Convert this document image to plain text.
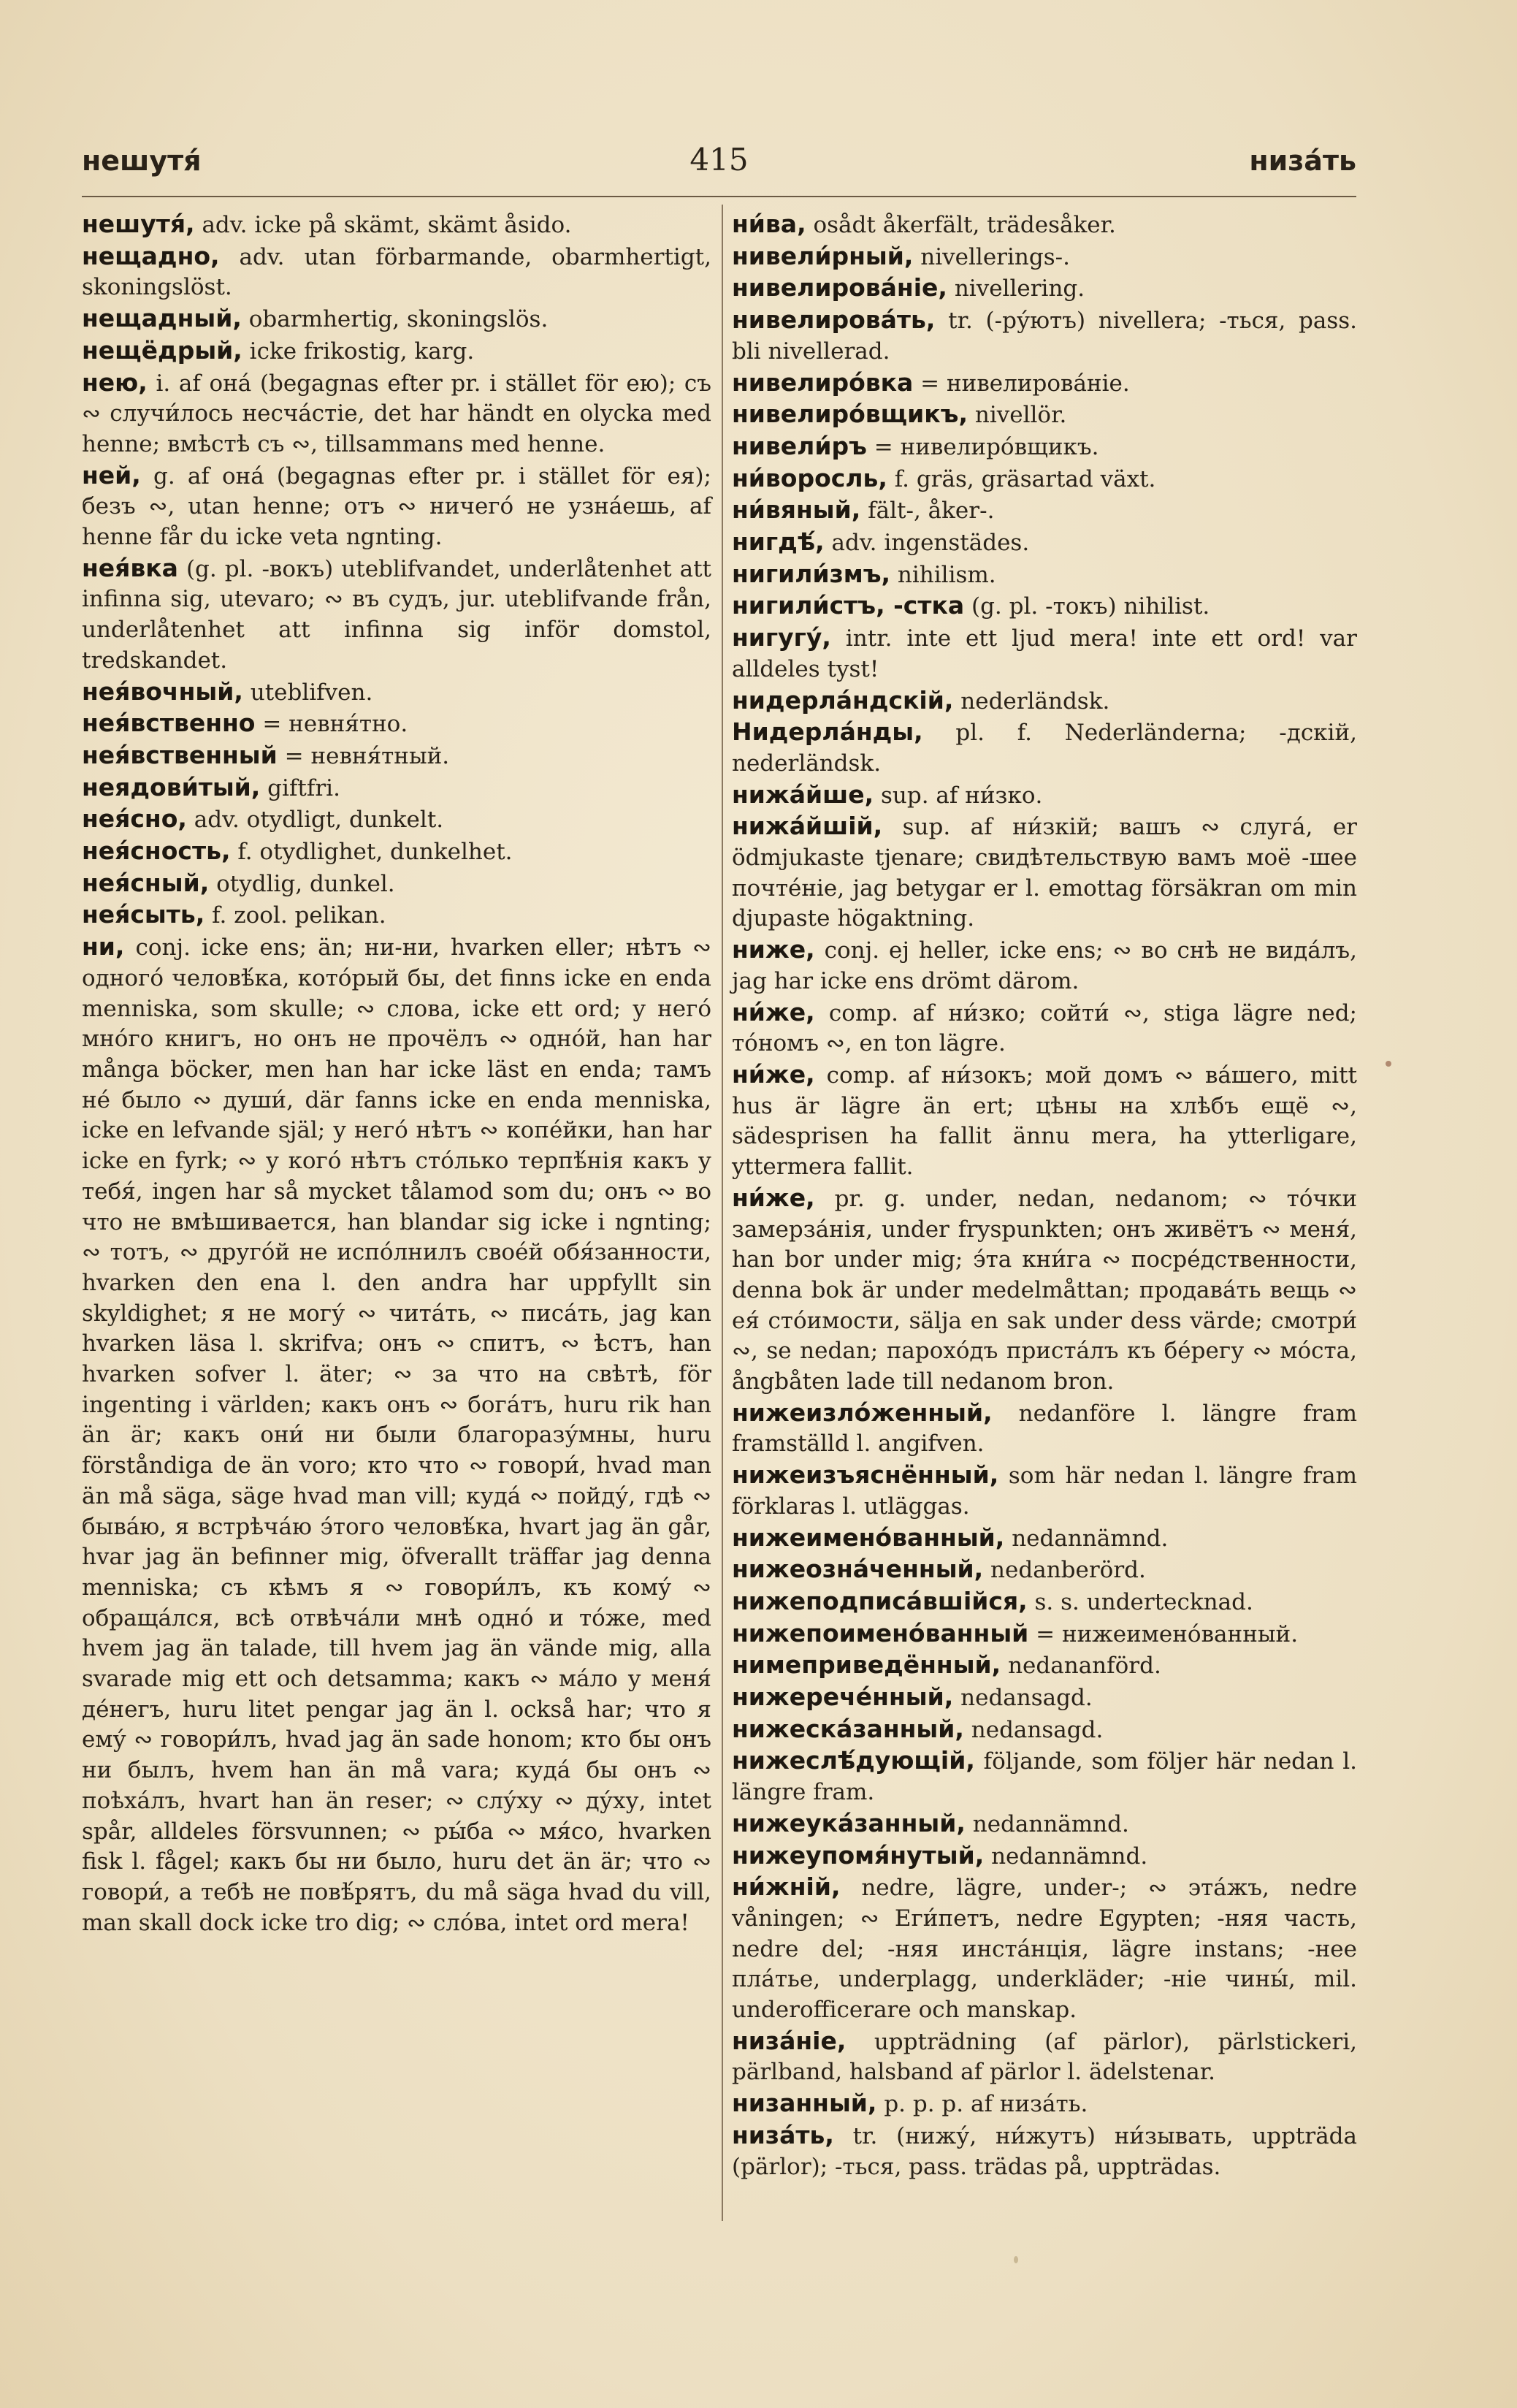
нешутя́	415	низа́ть

нешутя́, adv. icke på skämt, skämt åsido.

нещадно, adv. utan förbarmande, obarmhertigt, skoningslöst.

нещадный, obarmhertig, skoningslös.

нещёдрый, icke frikostig, karg.

нею, i. af она́ (begagnas efter pr. i stället för ею); съ ∾ случи́лось несча́стіе, det har händt en olycka med henne; вмѣстѣ съ ∾, tillsammans med henne.

ней, g. af она́ (begagnas efter pr. i stället för ея); безъ ∾, utan henne; отъ ∾ ничего́ не узна́ешь, af henne får du icke veta ngnting.

нея́вка (g. pl. -вокъ) uteblifvandet, underlåtenhet att infinna sig, utevaro; ∾ въ судъ, jur. uteblifvande från, underlåtenhet att infinna sig inför domstol, tredskandet.

нея́вочный, uteblifven.

нея́вственно = невня́тно.

нея́вственный = невня́тный.

неядови́тый, giftfri.

нея́сно, adv. otydligt, dunkelt.

нея́сность, f. otydlighet, dunkelhet.

нея́сный, otydlig, dunkel.

нея́сыть, f. zool. pelikan.

ни, conj. icke ens; än; ни-ни, hvarken eller; нѣтъ ∾ одного́ человѣ́ка, кото́рый бы, det finns icke en enda menniska, som skulle; ∾ слова, icke ett ord; у него́ мно́го книгъ, но онъ не прочёлъ ∾ одно́й, han har många böcker, men han har icke läst en enda; тамъ не́ было ∾ души́, där fanns icke en enda menniska, icke en lefvande själ; у него́ нѣтъ ∾ копе́йки, han har icke en fyrk; ∾ у кого́ нѣтъ сто́лько терпѣ́нія какъ у тебя́, ingen har så mycket tålamod som du; онъ ∾ во что не вмѣшивается, han blandar sig icke i ngnting; ∾ тотъ, ∾ друго́й не испо́лнилъ свое́й обя́занности, hvarken den ena l. den andra har uppfyllt sin skyldighet; я не могу́ ∾ чита́ть, ∾ писа́ть, jag kan hvarken läsa l. skrifva; онъ ∾ спитъ, ∾ ѣстъ, han hvarken sofver l. äter; ∾ за что на свѣтѣ, för ingenting i världen; какъ онъ ∾ бога́тъ, huru rik han än är; какъ они́ ни были благоразу́мны, huru förståndiga de än voro; кто что ∾ говори́, hvad man än må säga, säge hvad man vill; куда́ ∾ пойду́, гдѣ ∾ быва́ю, я встрѣча́ю э́того человѣ́ка, hvart jag än går, hvar jag än befinner mig, öfverallt träffar jag denna menniska; съ кѣмъ я ∾ говори́лъ, къ кому́ ∾ обраща́лся, всѣ отвѣча́ли мнѣ одно́ и то́же, med hvem jag än talade, till hvem jag än vände mig, alla svarade mig ett och detsamma; какъ ∾ ма́ло у меня́ де́негъ, huru litet pengar jag än l. också har; что я ему́ ∾ говори́лъ, hvad jag än sade honom; кто бы онъ ни былъ, hvem han än må vara; куда́ бы онъ ∾ поѣха́лъ, hvart han än reser; ∾ слу́ху ∾ ду́ху, intet spår, alldeles försvunnen; ∾ ры́ба ∾ мя́со, hvarken fisk l. fågel; какъ бы ни было, huru det än är; что ∾ говори́, а тебѣ не повѣ́рятъ, du må säga hvad du vill, man skall dock icke tro dig; ∾ сло́ва, intet ord mera!

ни́ва, osådt åkerfält, trädesåker.

нивели́рный, nivellerings-.

нивелирова́ніе, nivellering.

нивелирова́ть, tr. (-ру́ютъ) nivellera; -ться, pass. bli nivellerad.

нивелиро́вка = нивелирова́ніе.

нивелиро́вщикъ, nivellör.

нивели́ръ = нивелиро́вщикъ.

ни́вoросль, f. gräs, gräsartad växt.

ни́вяный, fält-, åker-.

нигдѣ́, adv. ingenstädes.

нигили́змъ, nihilism.

нигили́стъ, -стка (g. pl. -токъ) nihilist.

нигугу́, intr. inte ett ljud mera! inte ett ord! var alldeles tyst!

нидерла́ндскій, nederländsk.

Нидерла́нды, pl. f. Nederländerna; -дскій, nederländsk.

нижа́йше, sup. af ни́зко.

нижа́йшій, sup. af ни́зкій; вашъ ∾ слуга́, er ödmjukaste tjenare; свидѣтельствую вамъ моё -шее почте́ніе, jag betygar er l. emottag försäkran om min djupaste högaktning.

ниже, conj. ej heller, icke ens; ∾ во снѣ не вида́лъ, jag har icke ens drömt därom.

ни́же, comp. af ни́зко; сойти́ ∾, stiga lägre ned; то́номъ ∾, en ton lägre.

ни́же, comp. af ни́зокъ; мой домъ ∾ ва́шего, mitt hus är lägre än ert; цѣны на хлѣбъ ещё ∾, sädesprisen ha fallit ännu mera, ha ytterligare, yttermera fallit.

ни́же, pr. g. under, nedan, nedanom; ∾ то́чки замерза́нія, under fryspunkten; онъ живётъ ∾ меня́, han bor under mig; э́та кни́га ∾ посре́дственности, denna bok är under medelmåttan; продава́ть вещь ∾ ея́ сто́имости, sälja en sak under dess värde; смотри́ ∾, se nedan; парохо́дъ приста́лъ къ бе́регу ∾ мо́ста, ångbåten lade till nedanom bron.

нижеизло́женный, nedanföre l. längre fram framställd l. angifven.

нижеизъяснённый, som här nedan l. längre fram förklaras l. utläggas.

нижеимено́ванный, nedannämnd.

нижеозна́ченный, nedanberörd.

нижеподписа́вшійся, s. s. undertecknad.

нижепоимено́ванный = нижеимено́ванный.

нимеприведённый, nedananförd.

нижерече́нный, nedansagd.

нижеска́занный, nedansagd.

нижеслѣ́дующій, följande, som följer här nedan l. längre fram.

нижеука́занный, nedannämnd.

нижеупомя́нутый, nedannämnd.

ни́жній, nedre, lägre, under-; ∾ эта́жъ, nedre våningen; ∾ Еги́петъ, nedre Egypten; -няя часть, nedre del; -няя инста́нція, lägre instans; -нее пла́тье, underplagg, underkläder; -ніе чины́, mil. underofficerare och manskap.

низа́ніе, uppträdning (af pärlor), pärlstickeri, pärlband, halsband af pärlor l. ädelstenar.

низанный, p. p. p. af низа́ть.

низа́ть, tr. (нижу́, ни́жутъ) ни́зывать, uppträda (pärlor); -ться, pass. trädas på, uppträdas.
